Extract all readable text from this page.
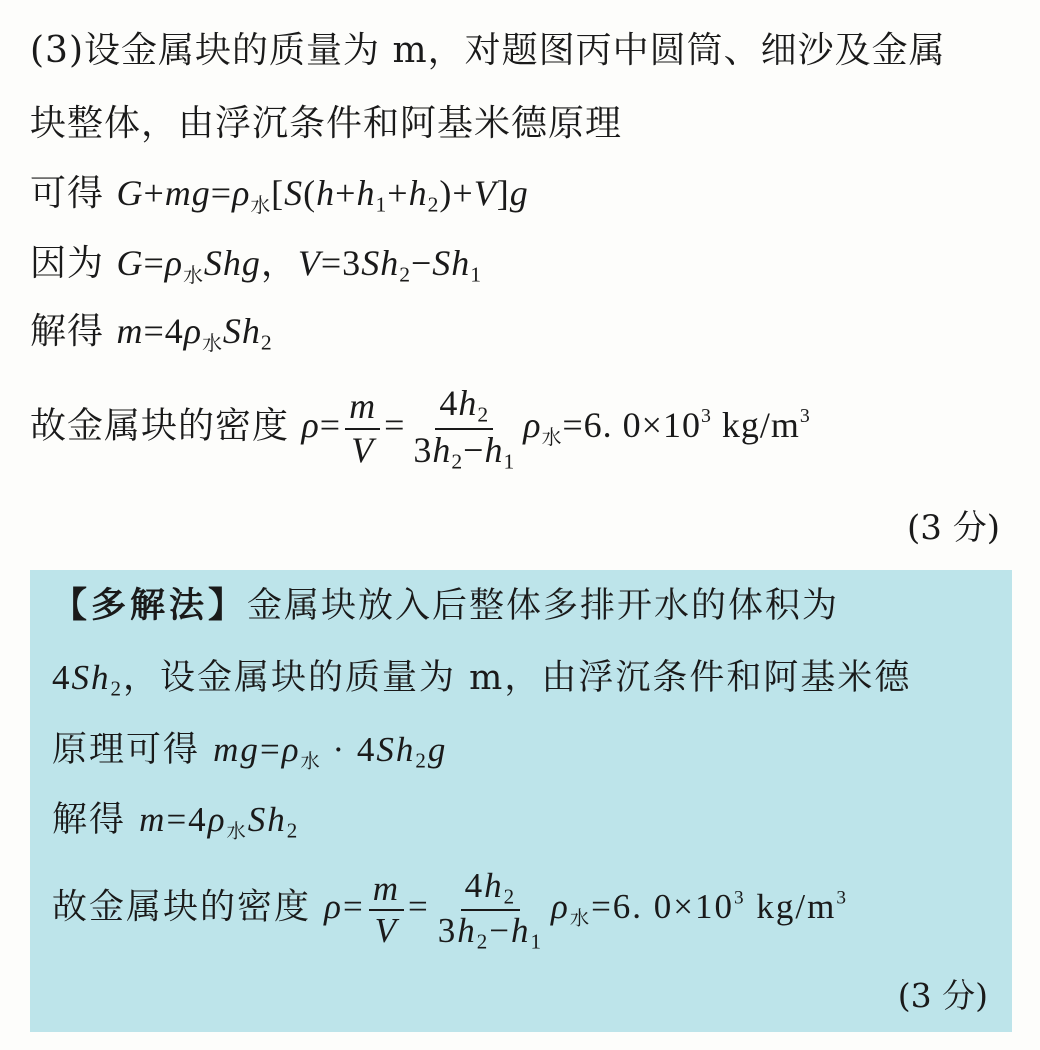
(3)设金属块的质量为 m，对题图丙中圆筒、细沙及金属
块整体，由浮沉条件和阿基米德原理
可得 G+mg=ρ水$[S(h+h_1+h_2)+V]g$
因为 G=ρ水Shg，$V=3Sh_2-Sh_1$
解得 m=4ρ水$Sh_2$
故金属块的密度 $\rho= \frac{m}{V} = \frac{4h_2}{3h_2-h_1}$ ρ水=6. $0\times 10^3$ $kg/m^3$
(3 分)
【多解法】金属块放入后整体多排开水的体积为
$4Sh_2$，设金属块的质量为 m，由浮沉条件和阿基米德
原理可得 mg=ρ水 · $4Sh_2g$
解得 m=4ρ水$Sh_2$
故金属块的密度 $\rho= \frac{m}{V} = \frac{4h_2}{3h_2-h_1}$ ρ水=6. $0\times 10^3$ $kg/m^3$
(3 分)
